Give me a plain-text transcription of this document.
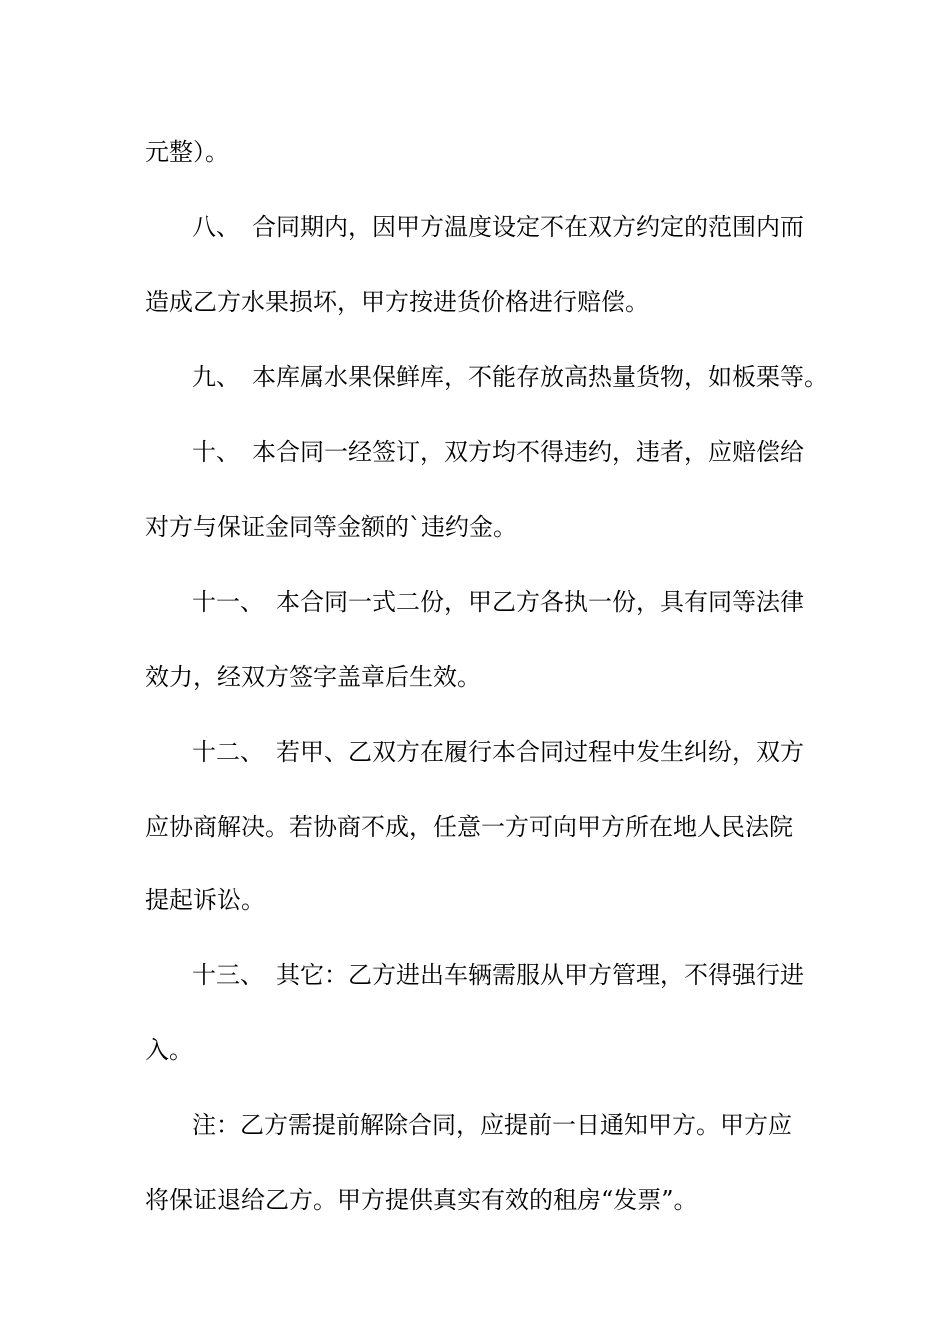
元整）。
八、　合同期内，因甲方温度设定不在双方约定的范围内而
造成乙方水果损坏，甲方按进货价格进行赔偿。
九、　本库属水果保鲜库，不能存放高热量货物，如板栗等。
十、　本合同一经签订，双方均不得违约，违者，应赔偿给
对方与保证金同等金额的`违约金。
十一、　本合同一式二份，甲乙方各执一份，具有同等法律
效力，经双方签字盖章后生效。
十二、　若甲、乙双方在履行本合同过程中发生纠纷，双方
应协商解决。若协商不成，任意一方可向甲方所在地人民法院
提起诉讼。
十三、　其它：乙方进出车辆需服从甲方管理，不得强行进
入。
注：乙方需提前解除合同，应提前一日通知甲方。甲方应
将保证退给乙方。甲方提供真实有效的租房“发票”。
